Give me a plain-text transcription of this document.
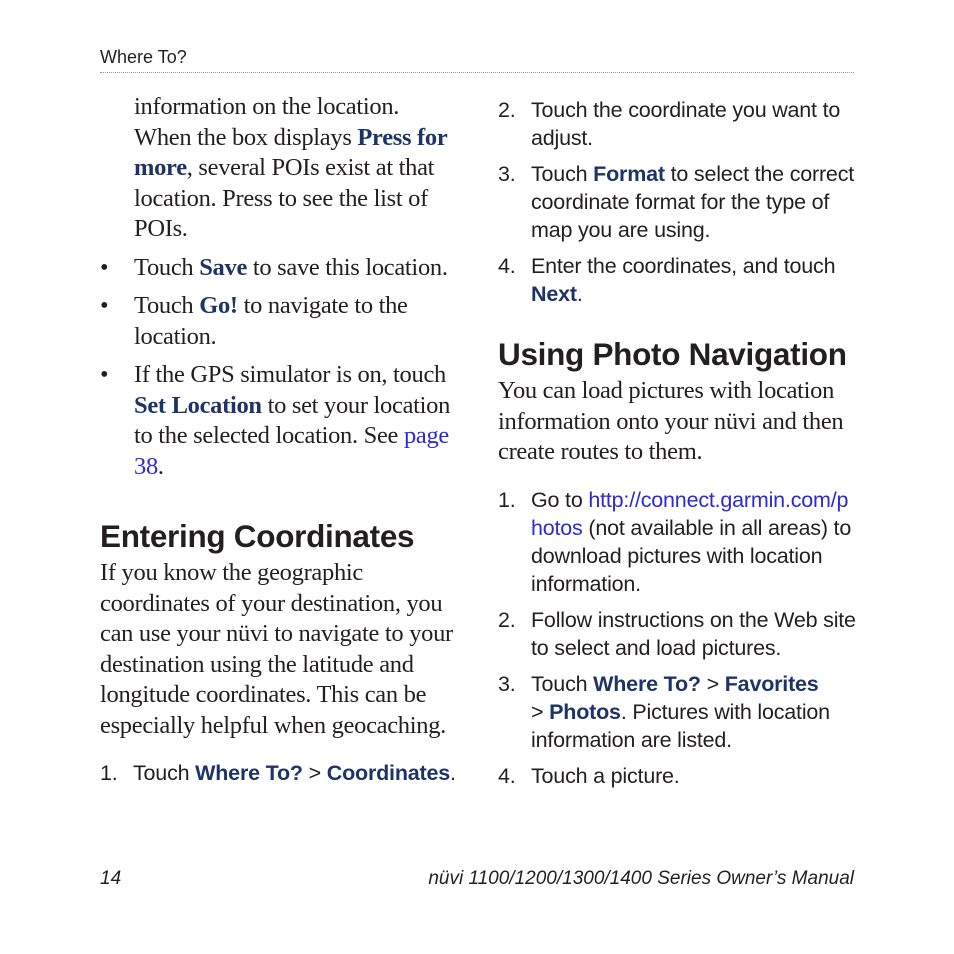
Where To?
information on the location. When the box displays Press for more, several POIs exist at that location. Press to see the list of POIs.
• Touch Save to save this location.
• Touch Go! to navigate to the location.
• If the GPS simulator is on, touch Set Location to set your location to the selected location. See page 38.
Entering Coordinates
If you know the geographic coordinates of your destination, you can use your nüvi to navigate to your destination using the latitude and longitude coordinates. This can be especially helpful when geocaching.
1. Touch Where To? > Coordinates.
2. Touch the coordinate you want to adjust.
3. Touch Format to select the correct coordinate format for the type of map you are using.
4. Enter the coordinates, and touch Next.
Using Photo Navigation
You can load pictures with location information onto your nüvi and then create routes to them.
1. Go to http://connect.garmin.com/photos (not available in all areas) to download pictures with location information.
2. Follow instructions on the Web site to select and load pictures.
3. Touch Where To? > Favorites
> Photos. Pictures with location information are listed.
4. Touch a picture.
14	nüvi 1100/1200/1300/1400 Series Owner’s Manual
